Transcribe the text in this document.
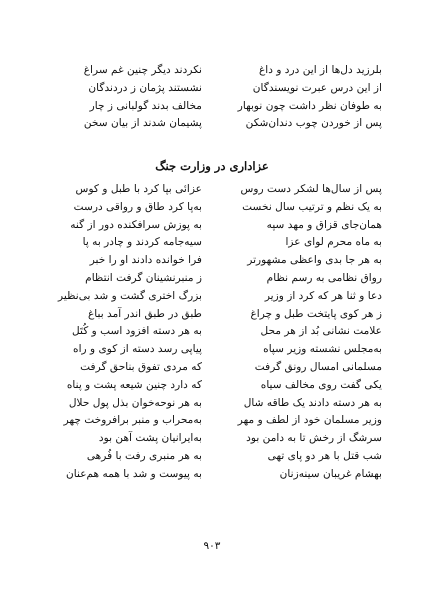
بلرزید دل‌ها از این درد و داغ
نکردند دیگر چنین غم سراغ
از این درس عبرت نویسندگان
نشستند پژمان ز دردندگان
به طوفان نظر داشت چون نوبهار
مخالف بدند گولبانی ز چار
پس از خوردن چوب دندان‌شکن
پشیمان شدند از بیان سخن
عزاداری در وزارت جنگ
پس از سال‌ها لشکر دست روس
عزائی بپا کرد با طبل و کوس
به یک نظم و ترتیب سال نخست
به‌پا کرد طاق و رواقی درست
همان‌جای قزاق و مهد سپه
به پوزش سرافکنده دور از گنه
به ماه محرم لوای عزا
سیه‌جامه کردند و چادر به پا
به هر جا بدی واعظی مشهورتر
فرا خوانده دادند او را خبر
رواق نظامی به رسم نظام
ز منبرنشینان گرفت انتظام
دعا و ثنا هر که کرد از وزیر
بزرگ اختری گشت و شد بی‌نظیر
ز هر کوی پایتخت طبل و چراغ
طبق در طبق اندر آمد بباغ
علامت نشانی بُد از هر محل
به هر دسته افزود اسب و کُتَل
به‌مجلس نشسته وزیر سپاه
پیاپی رسد دسته از کوی و راه
مسلمانی امسال رونق گرفت
که مردی تفوق بناحق گرفت
یکی گفت روی مخالف سیاه
که دارد چنین شیعه پشت و پناه
به هر دسته دادند یک طاقه شال
به هر نوحه‌خوان بذل پول حلال
وزیر مسلمان خود از لطف و مهر
به‌محراب و منبر برافروخت چهر
سرشگ از رخش تا به دامن بود
به‌ایرانیان پشت آهن بود
شب قتل با هر دو پای تهی
به هر منبری رفت با فُرهی
بهشام غریبان سینه‌زنان
به پیوست و شد با همه هم‌عنان
۹۰۳
